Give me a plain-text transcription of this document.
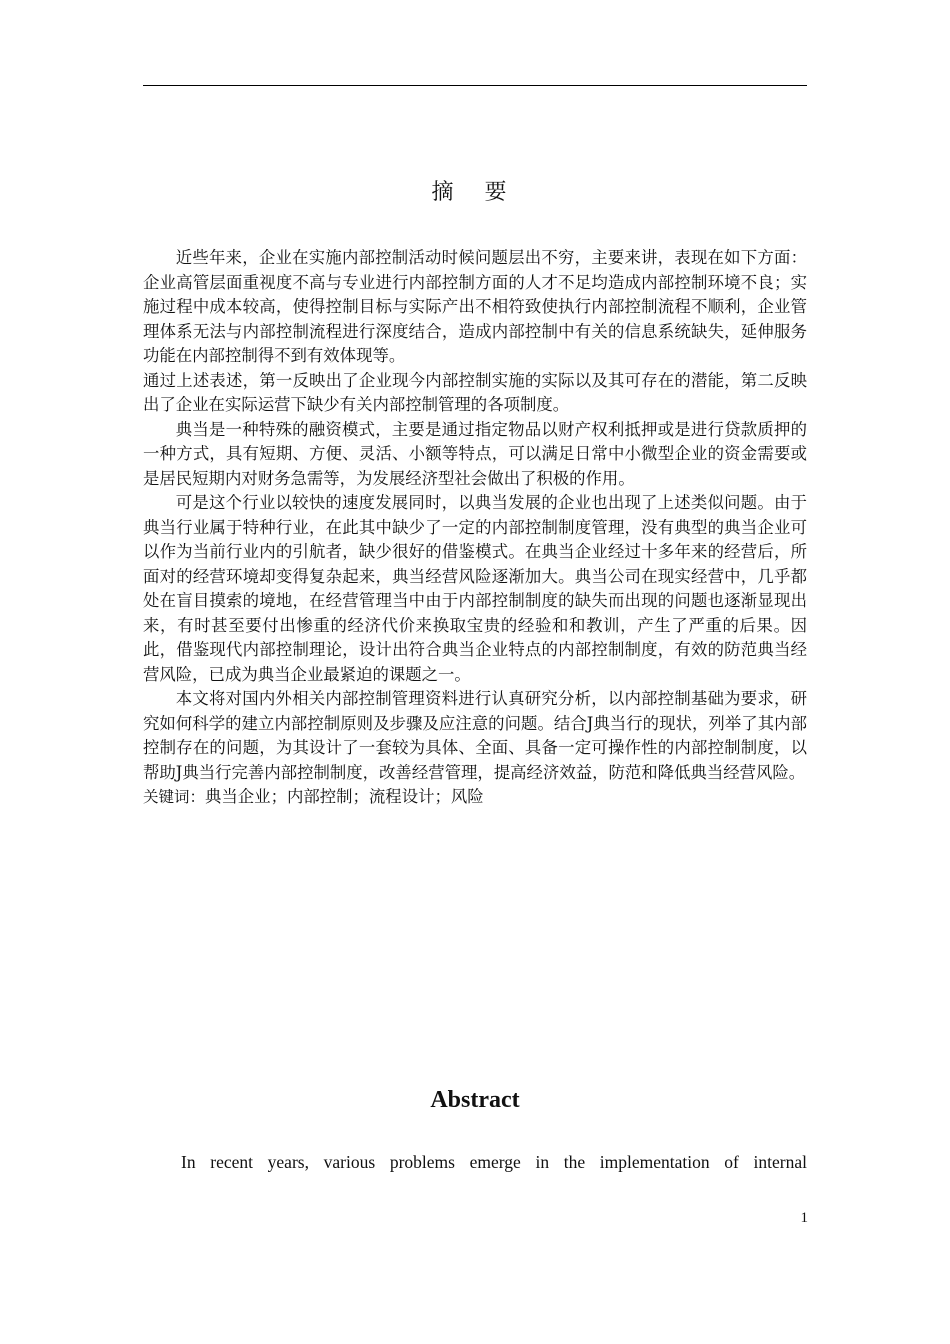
摘 要

近些年来，企业在实施内部控制活动时候问题层出不穷，主要来讲，表现在如下方面：企业高管层面重视度不高与专业进行内部控制方面的人才不足均造成内部控制环境不良；实施过程中成本较高，使得控制目标与实际产出不相符致使执行内部控制流程不顺利，企业管理体系无法与内部控制流程进行深度结合，造成内部控制中有关的信息系统缺失，延伸服务功能在内部控制得不到有效体现等。

通过上述表述，第一反映出了企业现今内部控制实施的实际以及其可存在的潜能，第二反映出了企业在实际运营下缺少有关内部控制管理的各项制度。

典当是一种特殊的融资模式，主要是通过指定物品以财产权利抵押或是进行贷款质押的一种方式，具有短期、方便、灵活、小额等特点，可以满足日常中小微型企业的资金需要或是居民短期内对财务急需等，为发展经济型社会做出了积极的作用。

可是这个行业以较快的速度发展同时，以典当发展的企业也出现了上述类似问题。由于典当行业属于特种行业，在此其中缺少了一定的内部控制制度管理，没有典型的典当企业可以作为当前行业内的引航者，缺少很好的借鉴模式。在典当企业经过十多年来的经营后，所面对的经营环境却变得复杂起来，典当经营风险逐渐加大。典当公司在现实经营中，几乎都处在盲目摸索的境地，在经营管理当中由于内部控制制度的缺失而出现的问题也逐渐显现出来，有时甚至要付出惨重的经济代价来换取宝贵的经验和和教训，产生了严重的后果。因此，借鉴现代内部控制理论，设计出符合典当企业特点的内部控制制度，有效的防范典当经营风险，已成为典当企业最紧迫的课题之一。

本文将对国内外相关内部控制管理资料进行认真研究分析，以内部控制基础为要求，研究如何科学的建立内部控制原则及步骤及应注意的问题。结合J典当行的现状，列举了其内部控制存在的问题，为其设计了一套较为具体、全面、具备一定可操作性的内部控制制度，以帮助J典当行完善内部控制制度，改善经营管理，提高经济效益，防范和降低典当经营风险。

关键词：典当企业；内部控制；流程设计；风险

Abstract

In recent years, various problems emerge in the implementation of internal

1
